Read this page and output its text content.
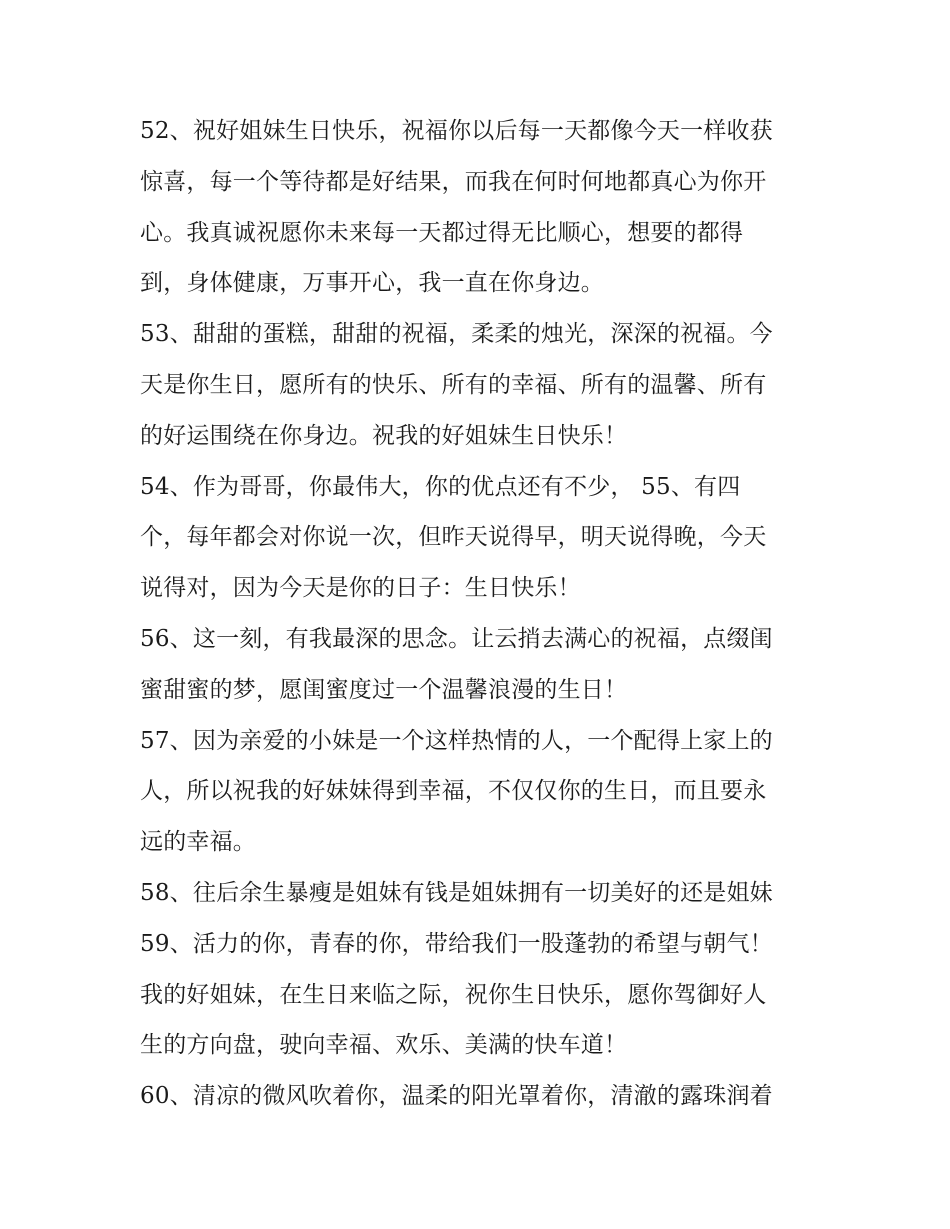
52、祝好姐妹生日快乐，祝福你以后每一天都像今天一样收获
惊喜，每一个等待都是好结果，而我在何时何地都真心为你开
心。我真诚祝愿你未来每一天都过得无比顺心，想要的都得
到，身体健康，万事开心，我一直在你身边。
53、甜甜的蛋糕，甜甜的祝福，柔柔的烛光，深深的祝福。今
天是你生日，愿所有的快乐、所有的幸福、所有的温馨、所有
的好运围绕在你身边。祝我的好姐妹生日快乐！
54、作为哥哥，你最伟大，你的优点还有不少， 55、有四
个，每年都会对你说一次，但昨天说得早，明天说得晚，今天
说得对，因为今天是你的日子：生日快乐！
56、这一刻，有我最深的思念。让云捎去满心的祝福，点缀闺
蜜甜蜜的梦，愿闺蜜度过一个温馨浪漫的生日！
57、因为亲爱的小妹是一个这样热情的人，一个配得上家上的
人，所以祝我的好妹妹得到幸福，不仅仅你的生日，而且要永
远的幸福。
58、往后余生暴瘦是姐妹有钱是姐妹拥有一切美好的还是姐妹
59、活力的你，青春的你，带给我们一股蓬勃的希望与朝气！
我的好姐妹，在生日来临之际，祝你生日快乐，愿你驾御好人
生的方向盘，驶向幸福、欢乐、美满的快车道！
60、清凉的微风吹着你，温柔的阳光罩着你，清澈的露珠润着
